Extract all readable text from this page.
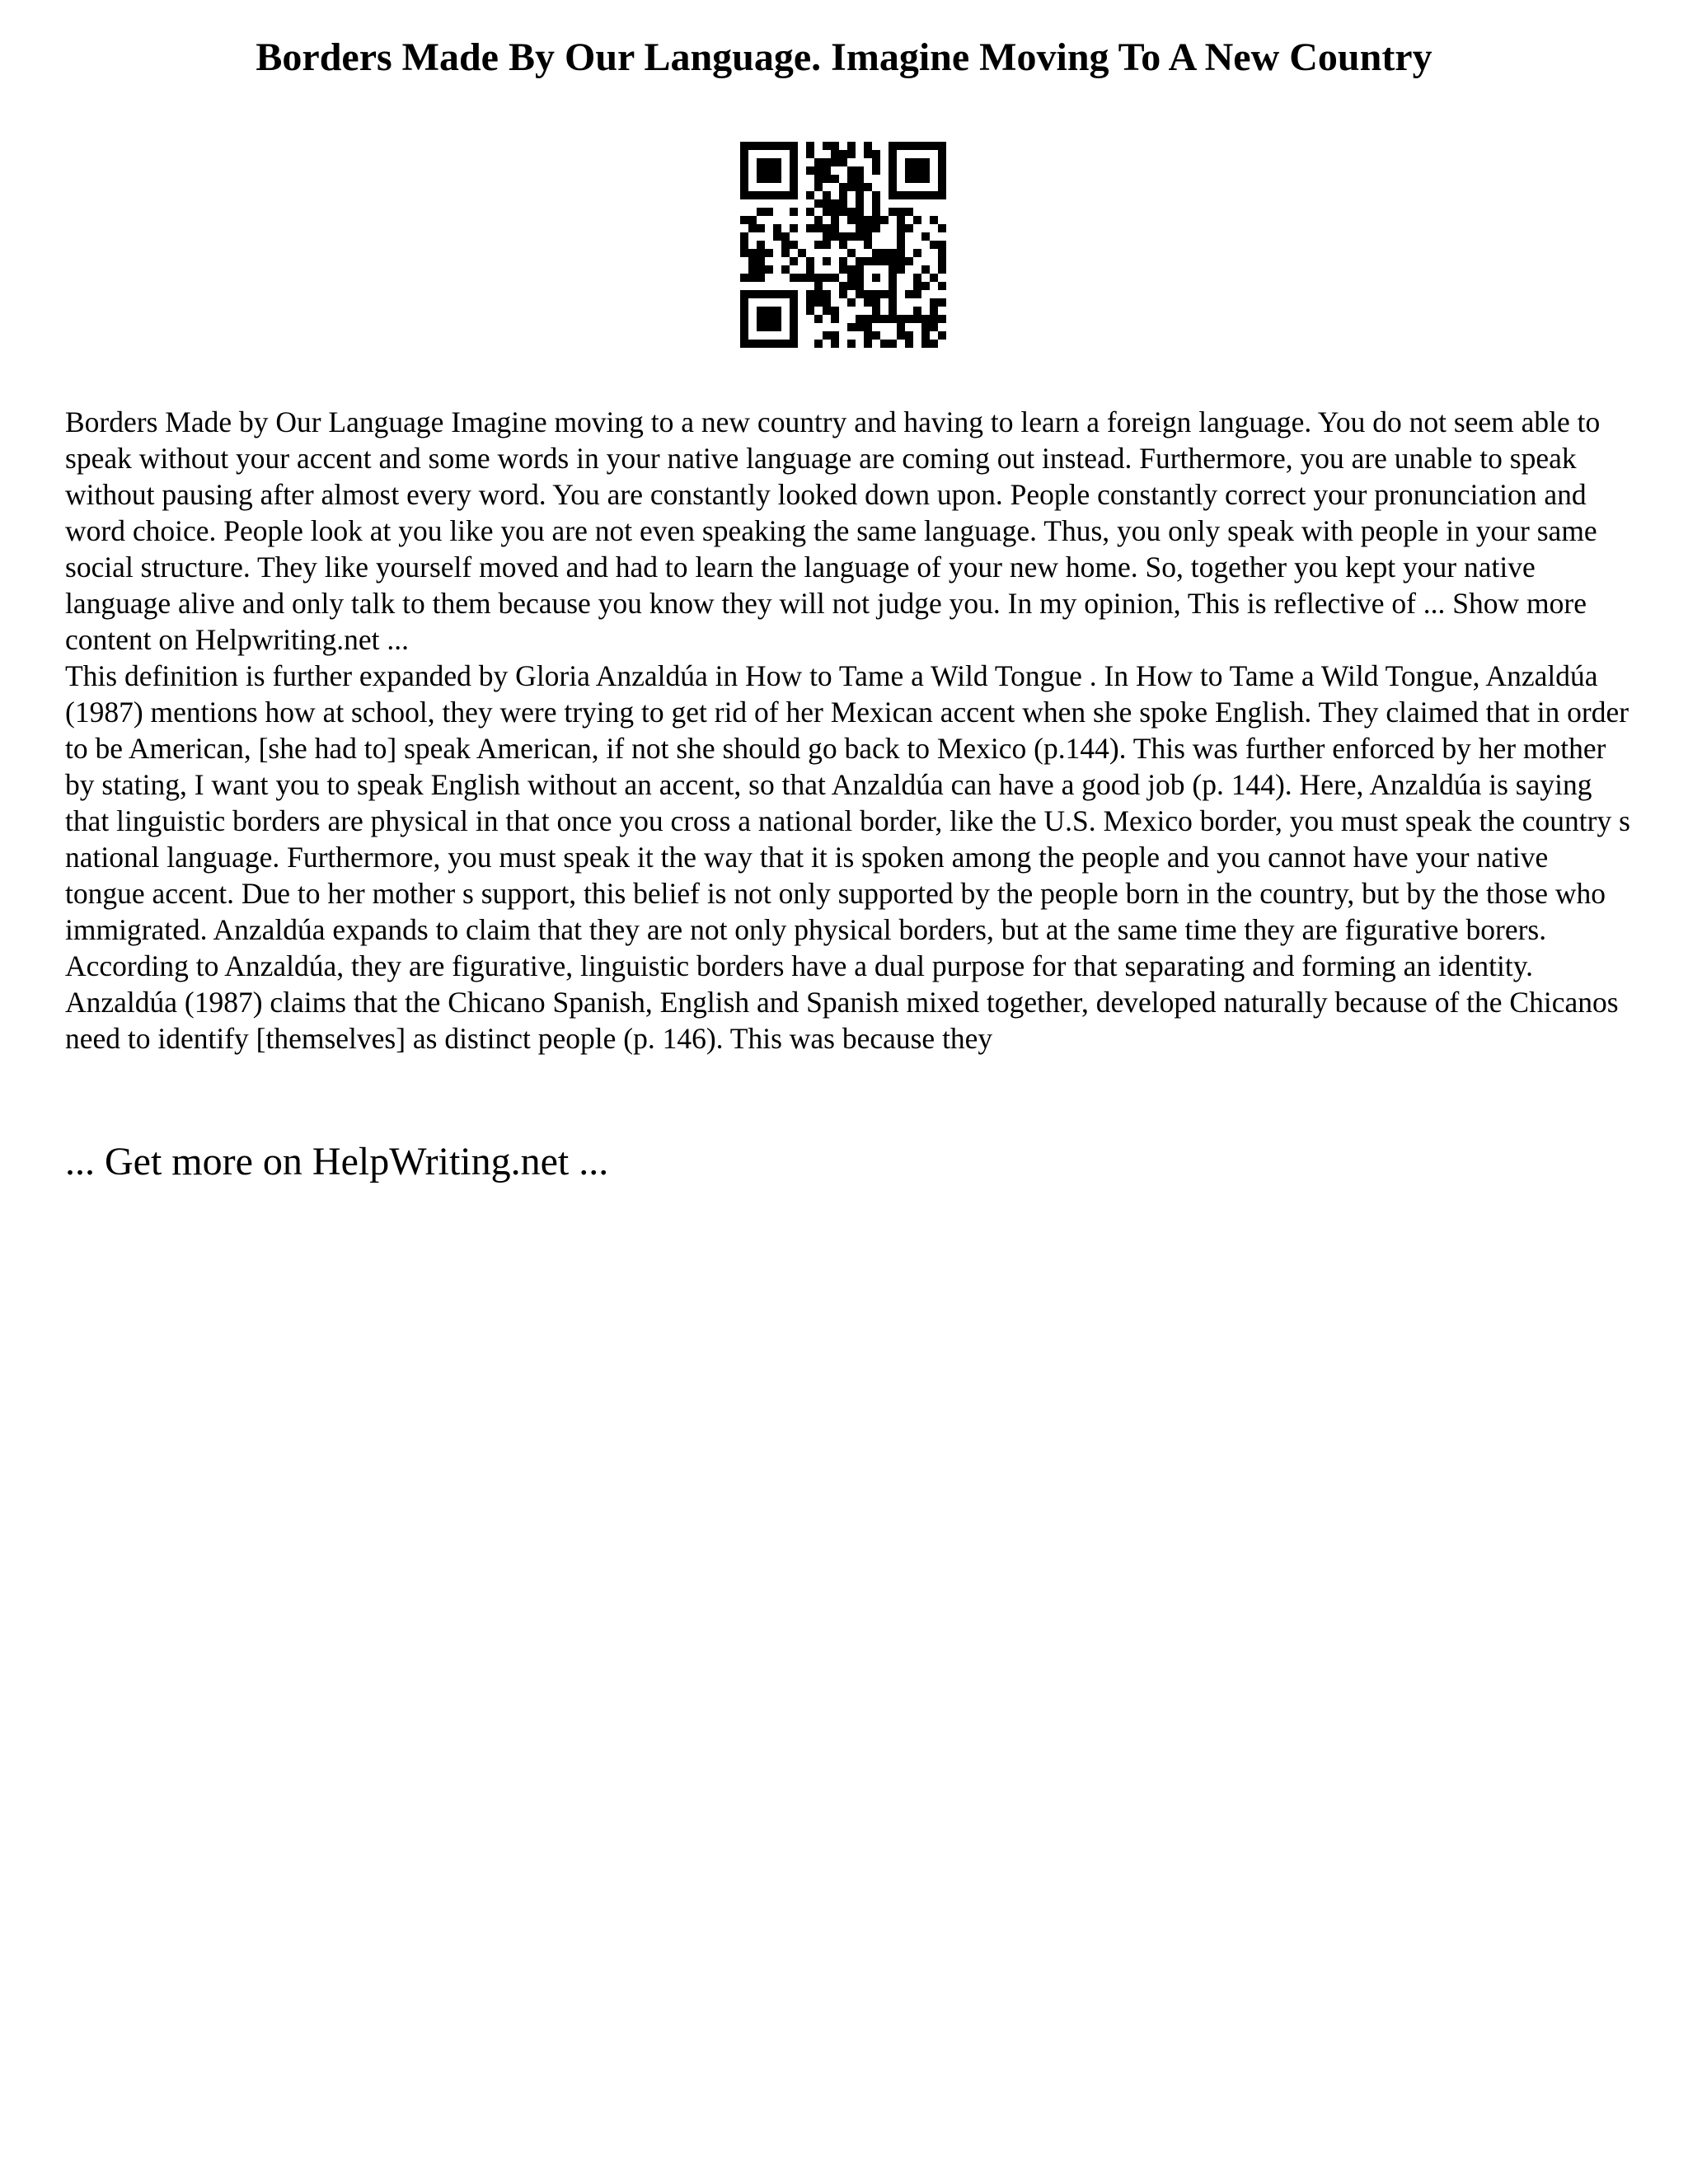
Borders Made By Our Language. Imagine Moving To A New Country

Borders Made by Our Language Imagine moving to a new country and having to learn a foreign language. You do not seem able to speak without your accent and some words in your native language are coming out instead. Furthermore, you are unable to speak without pausing after almost every word. You are constantly looked down upon. People constantly correct your pronunciation and word choice. People look at you like you are not even speaking the same language. Thus, you only speak with people in your same social structure. They like yourself moved and had to learn the language of your new home. So, together you kept your native language alive and only talk to them because you know they will not judge you. In my opinion, This is reflective of ... Show more content on Helpwriting.net ...

This definition is further expanded by Gloria Anzaldúa in How to Tame a Wild Tongue . In How to Tame a Wild Tongue, Anzaldúa (1987) mentions how at school, they were trying to get rid of her Mexican accent when she spoke English. They claimed that in order to be American, [she had to] speak American, if not she should go back to Mexico (p.144). This was further enforced by her mother by stating, I want you to speak English without an accent, so that Anzaldúa can have a good job (p. 144). Here, Anzaldúa is saying that linguistic borders are physical in that once you cross a national border, like the U.S. Mexico border, you must speak the country s national language. Furthermore, you must speak it the way that it is spoken among the people and you cannot have your native tongue accent. Due to her mother s support, this belief is not only supported by the people born in the country, but by the those who immigrated. Anzaldúa expands to claim that they are not only physical borders, but at the same time they are figurative borers. According to Anzaldúa, they are figurative, linguistic borders have a dual purpose for that separating and forming an identity. Anzaldúa (1987) claims that the Chicano Spanish, English and Spanish mixed together, developed naturally because of the Chicanos need to identify [themselves] as distinct people (p. 146). This was because they

... Get more on HelpWriting.net ...
